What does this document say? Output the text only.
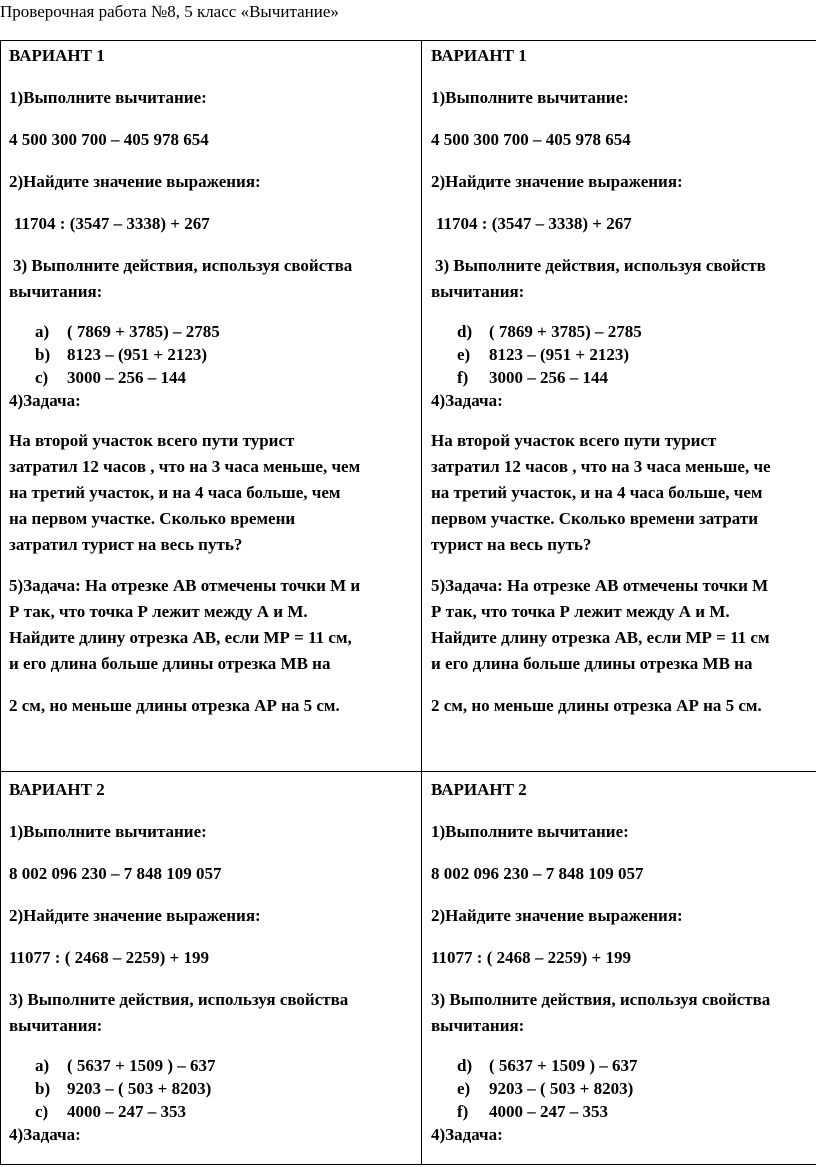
Проверочная работа №8, 5 класс «Вычитание»
ВАРИАНТ 1
1)Выполните вычитание:
4 500 300 700 – 405 978 654
2)Найдите значение выражения:
11704 : (3547 – 3338) + 267
3) Выполните действия, используя свойства
вычитания:
a) ( 7869 + 3785) – 2785
b) 8123 – (951 + 2123)
c) 3000 – 256 – 144
4)Задача:
На второй участок всего пути турист
затратил 12 часов , что на 3 часа меньше, чем
на третий участок, и на 4 часа больше, чем
на первом участке. Сколько времени
затратил турист на весь путь?
5)Задача: На отрезке АВ отмечены точки М и
Р так, что точка Р лежит между А и М.
Найдите длину отрезка АВ, если МР = 11 см,
и его длина больше длины отрезка МВ на
2 см, но меньше длины отрезка АР на 5 см.
ВАРИАНТ 1
1)Выполните вычитание:
4 500 300 700 – 405 978 654
2)Найдите значение выражения:
11704 : (3547 – 3338) + 267
3) Выполните действия, используя свойств
вычитания:
d) ( 7869 + 3785) – 2785
e) 8123 – (951 + 2123)
f) 3000 – 256 – 144
4)Задача:
На второй участок всего пути турист
затратил 12 часов , что на 3 часа меньше, че
на третий участок, и на 4 часа больше, чем
первом участке. Сколько времени затрати
турист на весь путь?
5)Задача: На отрезке АВ отмечены точки М
Р так, что точка Р лежит между А и М.
Найдите длину отрезка АВ, если МР = 11 см
и его длина больше длины отрезка МВ на
2 см, но меньше длины отрезка АР на 5 см.
ВАРИАНТ 2
1)Выполните вычитание:
8 002 096 230 – 7 848 109 057
2)Найдите значение выражения:
11077 : ( 2468 – 2259) + 199
3) Выполните действия, используя свойства
вычитания:
a) ( 5637 + 1509 ) – 637
b) 9203 – ( 503 + 8203)
c) 4000 – 247 – 353
4)Задача:
ВАРИАНТ 2
1)Выполните вычитание:
8 002 096 230 – 7 848 109 057
2)Найдите значение выражения:
11077 : ( 2468 – 2259) + 199
3) Выполните действия, используя свойства
вычитания:
d) ( 5637 + 1509 ) – 637
e) 9203 – ( 503 + 8203)
f) 4000 – 247 – 353
4)Задача:
